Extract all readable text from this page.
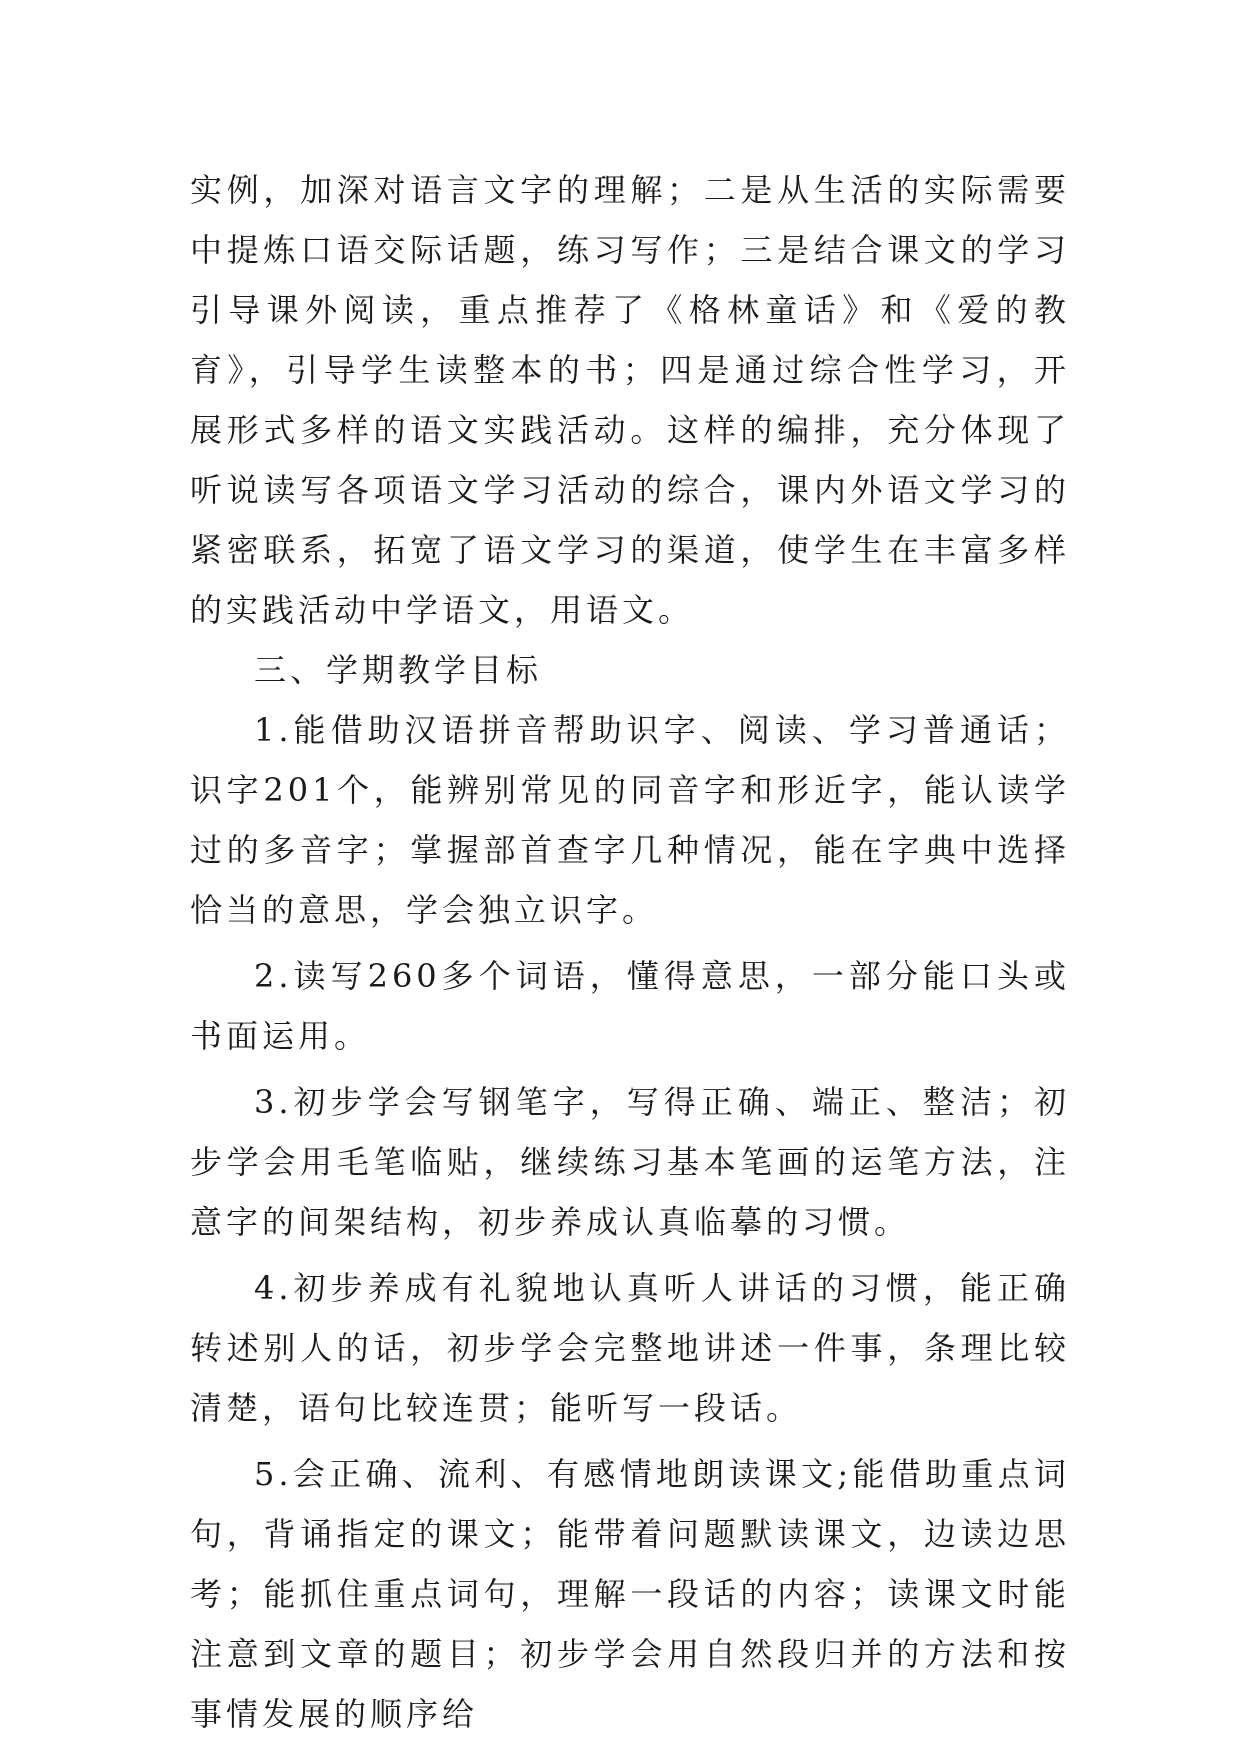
实例，加深对语言文字的理解；二是从生活的实际需要中提炼口语交际话题，练习写作；三是结合课文的学习引导课外阅读，重点推荐了《格林童话》和《爱的教育》，引导学生读整本的书；四是通过综合性学习，开展形式多样的语文实践活动。这样的编排，充分体现了听说读写各项语文学习活动的综合，课内外语文学习的紧密联系，拓宽了语文学习的渠道，使学生在丰富多样的实践活动中学语文，用语文。

三、学期教学目标

1.能借助汉语拼音帮助识字、阅读、学习普通话；识字201个，能辨别常见的同音字和形近字，能认读学过的多音字；掌握部首查字几种情况，能在字典中选择恰当的意思，学会独立识字。

2.读写260多个词语，懂得意思，一部分能口头或书面运用。

3.初步学会写钢笔字，写得正确、端正、整洁；初步学会用毛笔临贴，继续练习基本笔画的运笔方法，注意字的间架结构，初步养成认真临摹的习惯。

4.初步养成有礼貌地认真听人讲话的习惯，能正确转述别人的话，初步学会完整地讲述一件事，条理比较清楚，语句比较连贯；能听写一段话。

5.会正确、流利、有感情地朗读课文;能借助重点词句，背诵指定的课文；能带着问题默读课文，边读边思考；能抓住重点词句，理解一段话的内容；读课文时能注意到文章的题目；初步学会用自然段归并的方法和按事情发展的顺序给
